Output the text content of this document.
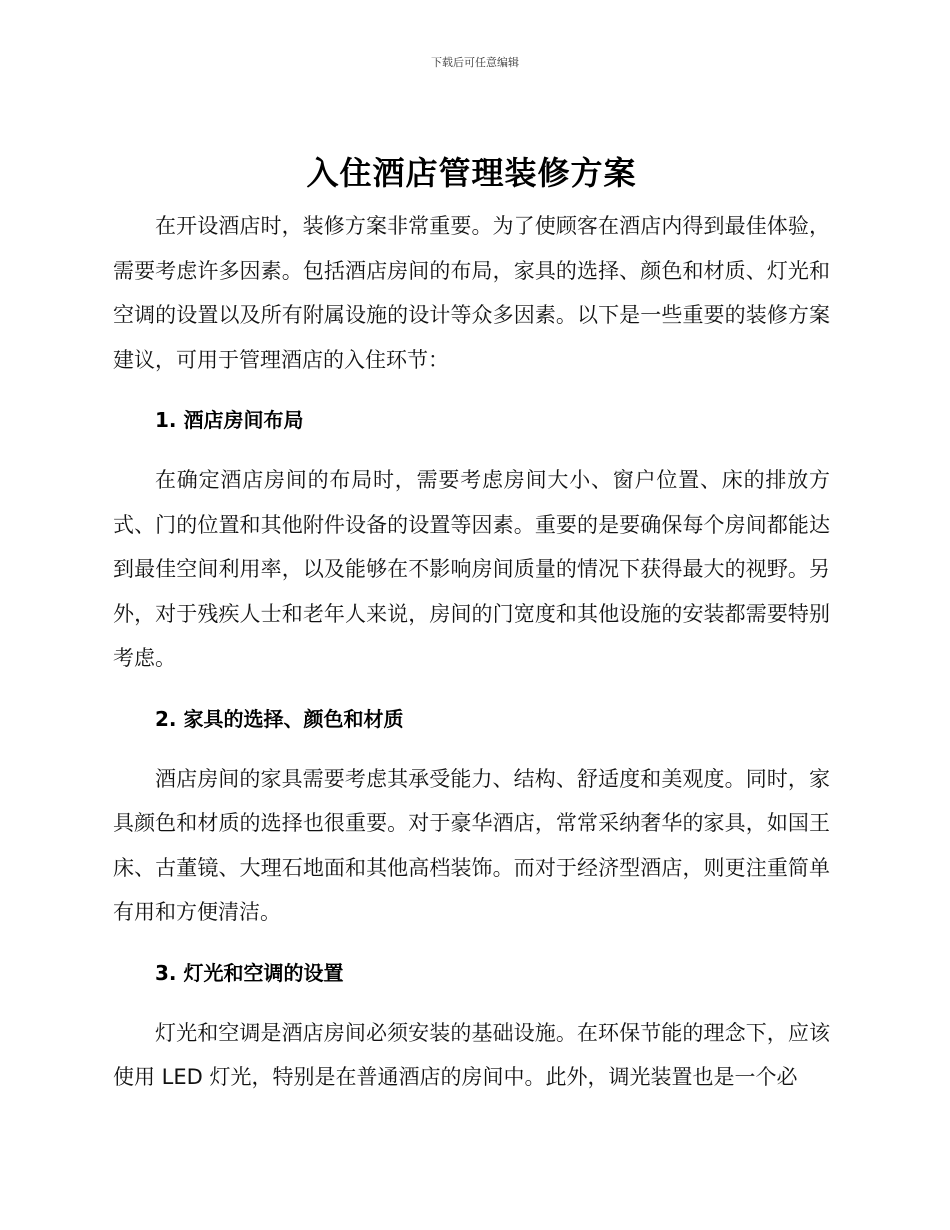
下载后可任意编辑
入住酒店管理装修方案

在开设酒店时，装修方案非常重要。为了使顾客在酒店内得到最佳体验，需要考虑许多因素。包括酒店房间的布局，家具的选择、颜色和材质、灯光和空调的设置以及所有附属设施的设计等众多因素。以下是一些重要的装修方案建议，可用于管理酒店的入住环节：

1. 酒店房间布局

在确定酒店房间的布局时，需要考虑房间大小、窗户位置、床的排放方式、门的位置和其他附件设备的设置等因素。重要的是要确保每个房间都能达到最佳空间利用率，以及能够在不影响房间质量的情况下获得最大的视野。另外，对于残疾人士和老年人来说，房间的门宽度和其他设施的安装都需要特别考虑。

2. 家具的选择、颜色和材质

酒店房间的家具需要考虑其承受能力、结构、舒适度和美观度。同时，家具颜色和材质的选择也很重要。对于豪华酒店，常常采纳奢华的家具，如国王床、古董镜、大理石地面和其他高档装饰。而对于经济型酒店，则更注重简单有用和方便清洁。

3. 灯光和空调的设置

灯光和空调是酒店房间必须安装的基础设施。在环保节能的理念下，应该使用 LED 灯光，特别是在普通酒店的房间中。此外，调光装置也是一个必
